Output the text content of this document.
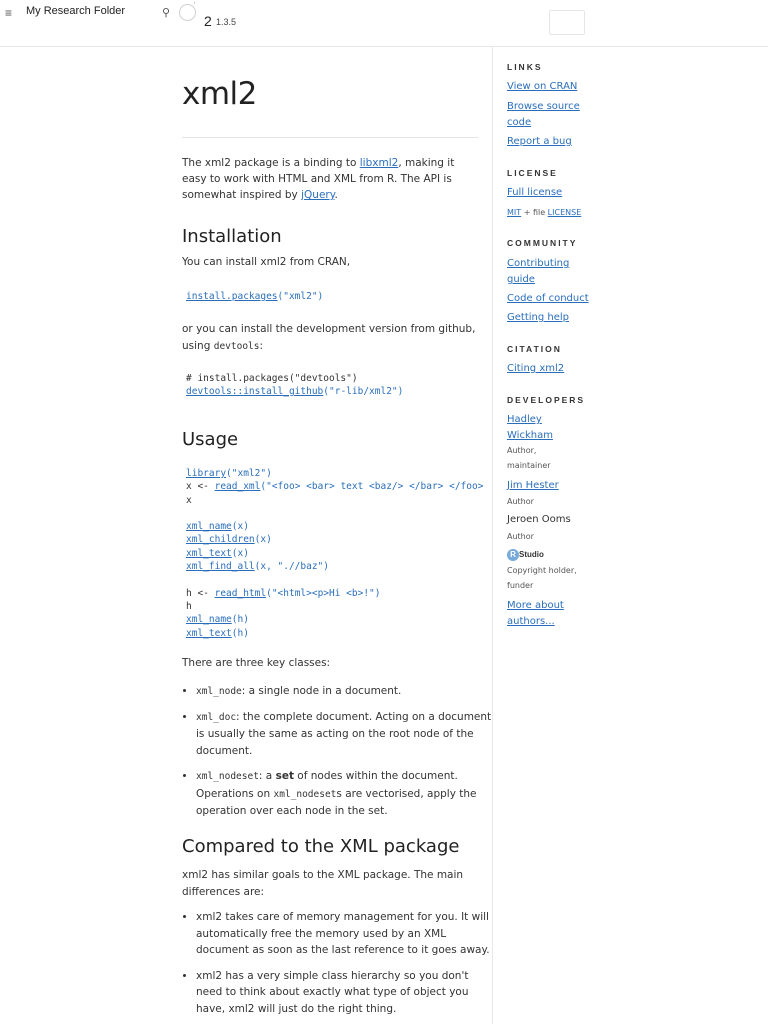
≡ My Research Folder	⚲
'
2 1.3.5
xml2

The xml2 package is a binding to libxml2, making it easy to work with HTML and XML from R. The API is somewhat inspired by jQuery.

Installation

You can install xml2 from CRAN,

install.packages("xml2")

or you can install the development version from github, using devtools:

# install.packages("devtools")
devtools::install_github("r-lib/xml2")
Usage
library("xml2")
x <- read_xml("<foo> <bar> text <baz/> </bar> </foo>
x

xml_name(x)
xml_children(x)
xml_text(x)
xml_find_all(x, ".//baz")

h <- read_html("<html><p>Hi <b>!")
h
xml_name(h)
xml_text(h)

There are three key classes:

• xml_node: a single node in a document.
• xml_doc: the complete document. Acting on a document is usually the same as acting on the root node of the document.
• xml_nodeset: a set of nodes within the document. Operations on xml_nodesets are vectorised, apply the operation over each node in the set.
Compared to the XML package

xml2 has similar goals to the XML package. The main differences are:

• xml2 takes care of memory management for you. It will automatically free the memory used by an XML document as soon as the last reference to it goes away.
• xml2 has a very simple class hierarchy so you don't need to think about exactly what type of object you have, xml2 will just do the right thing.
LINKS
View on CRAN
Browse source code
Report a bug
LICENSE
Full license
MIT + file LICENSE
COMMUNITY
Contributing guide
Code of conduct
Getting help
CITATION
Citing xml2
DEVELOPERS
Hadley Wickham
Author, maintainer
Jim Hester
Author
Jeroen Ooms
Author
R Studio
Copyright holder, funder
More about authors...
